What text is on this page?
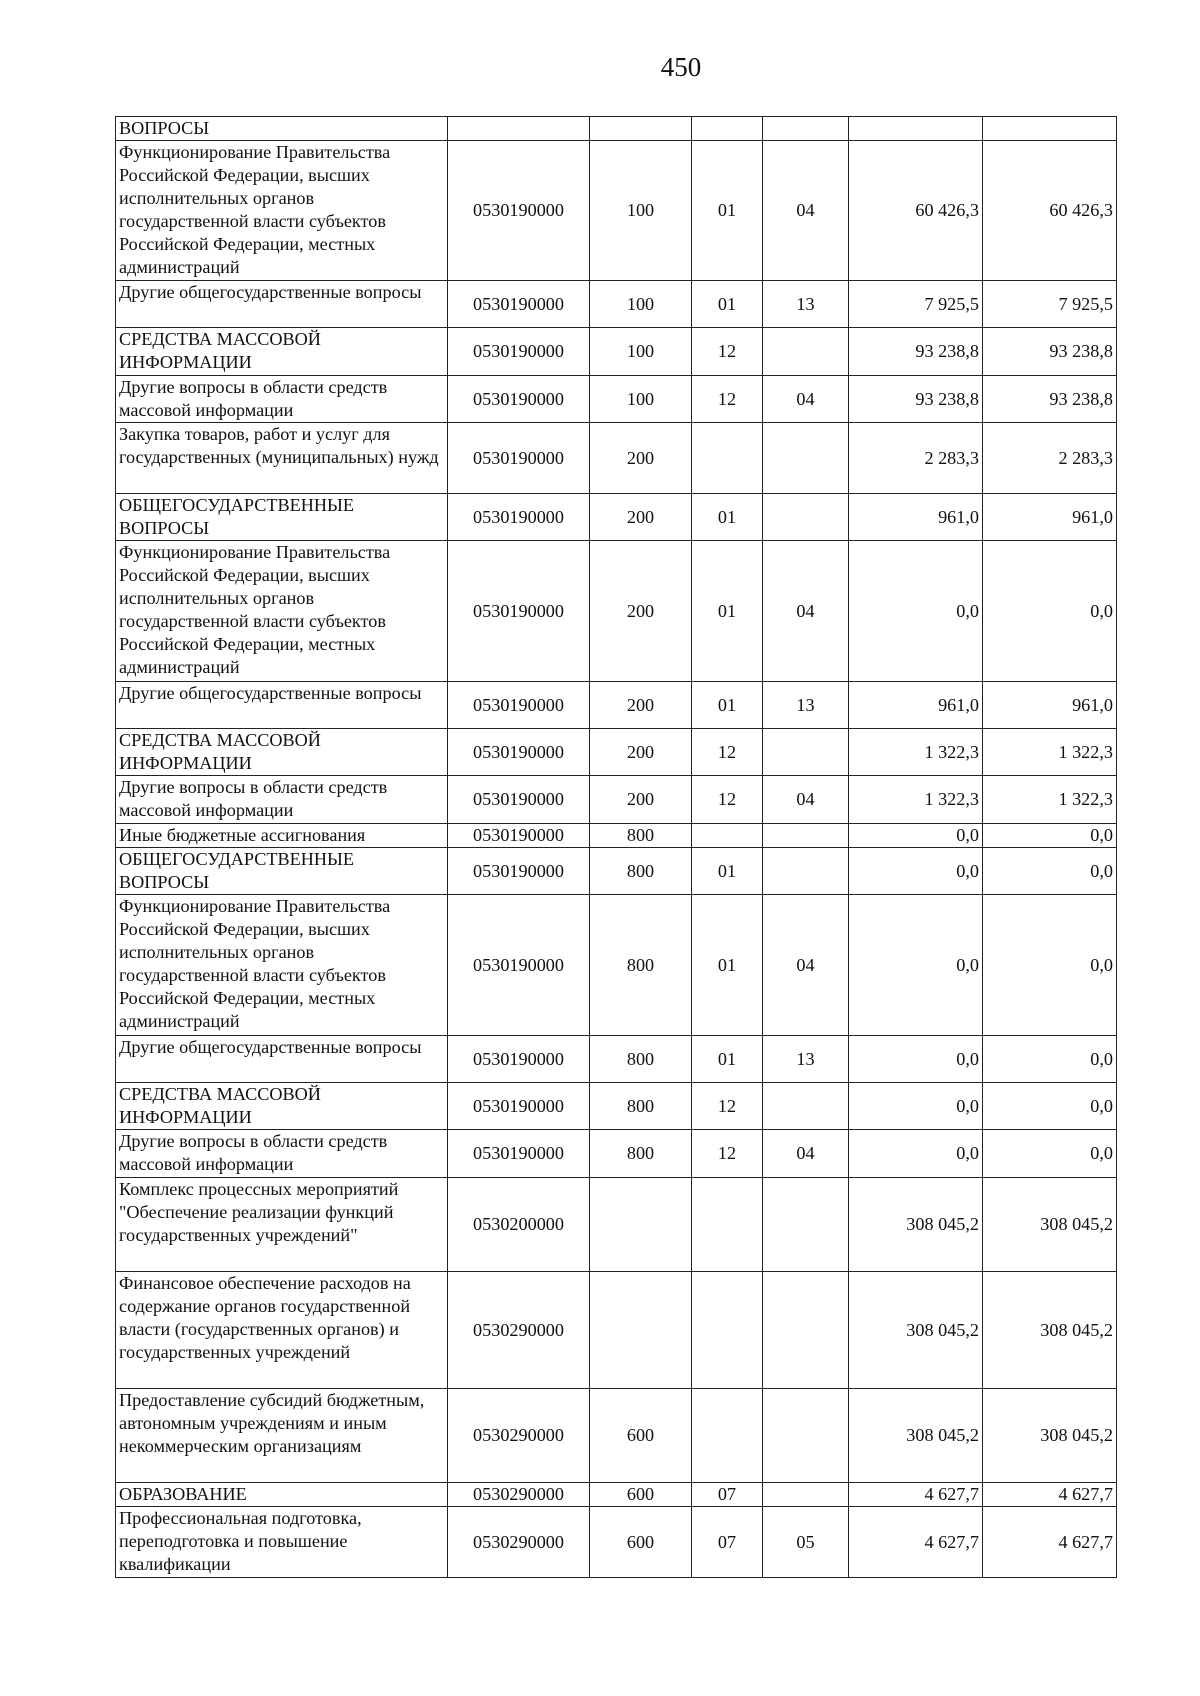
450
ВОПРОСЫ						
Функционирование Правительства Российской Федерации, высших исполнительных органов государственной власти субъектов Российской Федерации, местных администраций	0530190000	100	01	04	60 426,3	60 426,3
Другие общегосударственные вопросы	0530190000	100	01	13	7 925,5	7 925,5
СРЕДСТВА МАССОВОЙ ИНФОРМАЦИИ	0530190000	100	12		93 238,8	93 238,8
Другие вопросы в области средств массовой информации	0530190000	100	12	04	93 238,8	93 238,8
Закупка товаров, работ и услуг для государственных (муниципальных) нужд	0530190000	200			2 283,3	2 283,3
ОБЩЕГОСУДАРСТВЕННЫЕ ВОПРОСЫ	0530190000	200	01		961,0	961,0
Функционирование Правительства Российской Федерации, высших исполнительных органов государственной власти субъектов Российской Федерации, местных администраций	0530190000	200	01	04	0,0	0,0
Другие общегосударственные вопросы	0530190000	200	01	13	961,0	961,0
СРЕДСТВА МАССОВОЙ ИНФОРМАЦИИ	0530190000	200	12		1 322,3	1 322,3
Другие вопросы в области средств массовой информации	0530190000	200	12	04	1 322,3	1 322,3
Иные бюджетные ассигнования	0530190000	800			0,0	0,0
ОБЩЕГОСУДАРСТВЕННЫЕ ВОПРОСЫ	0530190000	800	01		0,0	0,0
Функционирование Правительства Российской Федерации, высших исполнительных органов государственной власти субъектов Российской Федерации, местных администраций	0530190000	800	01	04	0,0	0,0
Другие общегосударственные вопросы	0530190000	800	01	13	0,0	0,0
СРЕДСТВА МАССОВОЙ ИНФОРМАЦИИ	0530190000	800	12		0,0	0,0
Другие вопросы в области средств массовой информации	0530190000	800	12	04	0,0	0,0
Комплекс процессных мероприятий "Обеспечение реализации функций государственных учреждений"	0530200000				308 045,2	308 045,2
Финансовое обеспечение расходов на содержание органов государственной власти (государственных органов) и государственных учреждений	0530290000				308 045,2	308 045,2
Предоставление субсидий бюджетным, автономным учреждениям и иным некоммерческим организациям	0530290000	600			308 045,2	308 045,2
ОБРАЗОВАНИЕ	0530290000	600	07		4 627,7	4 627,7
Профессиональная подготовка, переподготовка и повышение квалификации	0530290000	600	07	05	4 627,7	4 627,7
